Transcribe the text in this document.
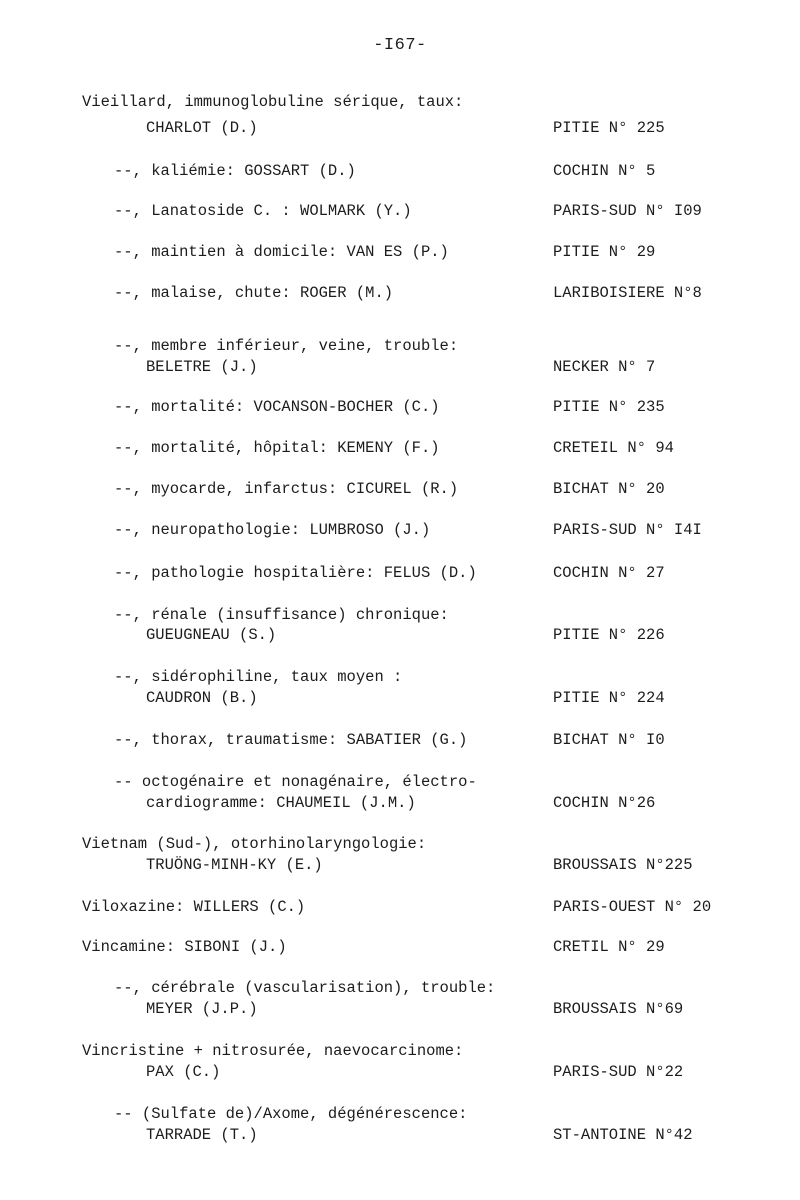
-I67-
Vieillard, immunoglobuline sérique, taux:
CHARLOT (D.)	PITIE N° 225
--, kaliémie: GOSSART (D.)	COCHIN N° 5
--, Lanatoside C. : WOLMARK (Y.)	PARIS-SUD N° I09
--, maintien à domicile: VAN ES (P.)	PITIE N° 29
--, malaise, chute: ROGER (M.)	LARIBOISIERE N°8
--, membre inférieur, veine, trouble:
BELETRE (J.)	NECKER N° 7
--, mortalité: VOCANSON-BOCHER (C.)	PITIE N° 235
--, mortalité, hôpital: KEMENY (F.)	CRETEIL N° 94
--, myocarde, infarctus: CICUREL (R.)	BICHAT N° 20
--, neuropathologie: LUMBROSO (J.)	PARIS-SUD N° I4I
--, pathologie hospitalière: FELUS (D.)	COCHIN N° 27
--, rénale (insuffisance) chronique:
GUEUGNEAU (S.)	PITIE N° 226
--, sidérophiline, taux moyen :
CAUDRON (B.)	PITIE N° 224
--, thorax, traumatisme: SABATIER (G.)	BICHAT N° I0
-- octogénaire et nonagénaire, électro-
cardiogramme: CHAUMEIL (J.M.)	COCHIN N°26
Vietnam (Sud-), otorhinolaryngologie:
TRUÖNG-MINH-KY (E.)	BROUSSAIS N°225
Viloxazine: WILLERS (C.)	PARIS-OUEST N° 20
Vincamine: SIBONI (J.)	CRETIL N° 29
--, cérébrale (vascularisation), trouble:
MEYER (J.P.)	BROUSSAIS N°69
Vincristine + nitrosurée, naevocarcinome:
PAX (C.)	PARIS-SUD N°22
-- (Sulfate de)/Axome, dégénérescence:
TARRADE (T.)	ST-ANTOINE N°42
